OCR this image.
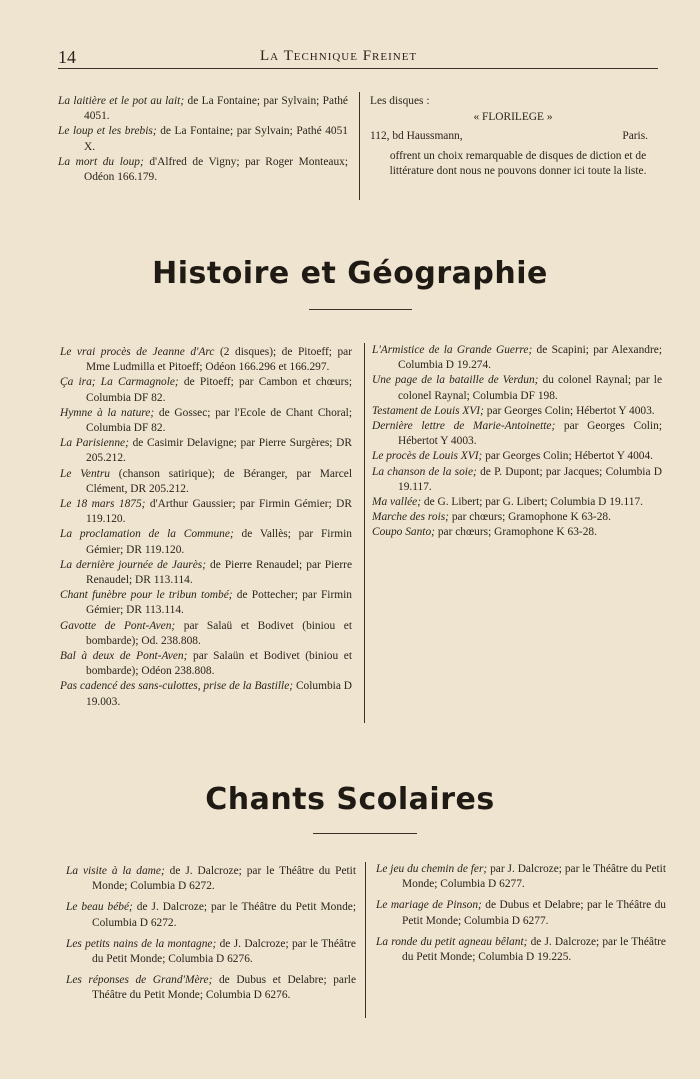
14	La Technique Freinet
La laitière et le pot au lait; de La Fontaine; par Sylvain; Pathé 4051.
Le loup et les brebis; de La Fontaine; par Sylvain; Pathé 4051 X.
La mort du loup; d'Alfred de Vigny; par Roger Monteaux; Odéon 166.179.
Les disques :
« FLORILEGE »
112, bd Haussmann,	Paris.
offrent un choix remarquable de disques de diction et de littérature dont nous ne pouvons donner ici toute la liste.
Histoire et Géographie
Le vrai procès de Jeanne d'Arc (2 disques); de Pitoeff; par Mme Ludmilla et Pitoeff; Odéon 166.296 et 166.297.
Ça ira; La Carmagnole; de Pitoeff; par Cambon et chœurs; Columbia DF 82.
Hymne à la nature; de Gossec; par l'Ecole de Chant Choral; Columbia DF 82.
La Parisienne; de Casimir Delavigne; par Pierre Surgères; DR 205.212.
Le Ventru (chanson satirique); de Béranger, par Marcel Clément, DR 205.212.
Le 18 mars 1875; d'Arthur Gaussier; par Firmin Gémier; DR 119.120.
La proclamation de la Commune; de Vallès; par Firmin Gémier; DR 119.120.
La dernière journée de Jaurès; de Pierre Renaudel; par Pierre Renaudel; DR 113.114.
Chant funèbre pour le tribun tombé; de Pottecher; par Firmin Gémier; DR 113.114.
Gavotte de Pont-Aven; par Salaü et Bodivet (biniou et bombarde); Od. 238.808.
Bal à deux de Pont-Aven; par Salaün et Bodivet (biniou et bombarde); Odéon 238.808.
Pas cadencé des sans-culottes, prise de la Bastille; Columbia D 19.003.
L'Armistice de la Grande Guerre; de Scapini; par Alexandre; Columbia D 19.274.
Une page de la bataille de Verdun; du colonel Raynal; par le colonel Raynal; Columbia DF 198.
Testament de Louis XVI; par Georges Colin; Hébertot Y 4003.
Dernière lettre de Marie-Antoinette; par Georges Colin; Hébertot Y 4003.
Le procès de Louis XVI; par Georges Colin; Hébertot Y 4004.
La chanson de la soie; de P. Dupont; par Jacques; Columbia D 19.117.
Ma vallée; de G. Libert; par G. Libert; Columbia D 19.117.
Marche des rois; par chœurs; Gramophone K 63-28.
Coupo Santo; par chœurs; Gramophone K 63-28.
Chants Scolaires
La visite à la dame; de J. Dalcroze; par le Théâtre du Petit Monde; Columbia D 6272.
Le beau bébé; de J. Dalcroze; par le Théâtre du Petit Monde; Columbia D 6272.
Les petits nains de la montagne; de J. Dalcroze; par le Théâtre du Petit Monde; Columbia D 6276.
Les réponses de Grand'Mère; de Dubus et Delabre; parle Théâtre du Petit Monde; Columbia D 6276.
Le jeu du chemin de fer; par J. Dalcroze; par le Théâtre du Petit Monde; Columbia D 6277.
Le mariage de Pinson; de Dubus et Delabre; par le Théâtre du Petit Monde; Columbia D 6277.
La ronde du petit agneau bêlant; de J. Dalcroze; par le Théâtre du Petit Monde; Columbia D 19.225.
